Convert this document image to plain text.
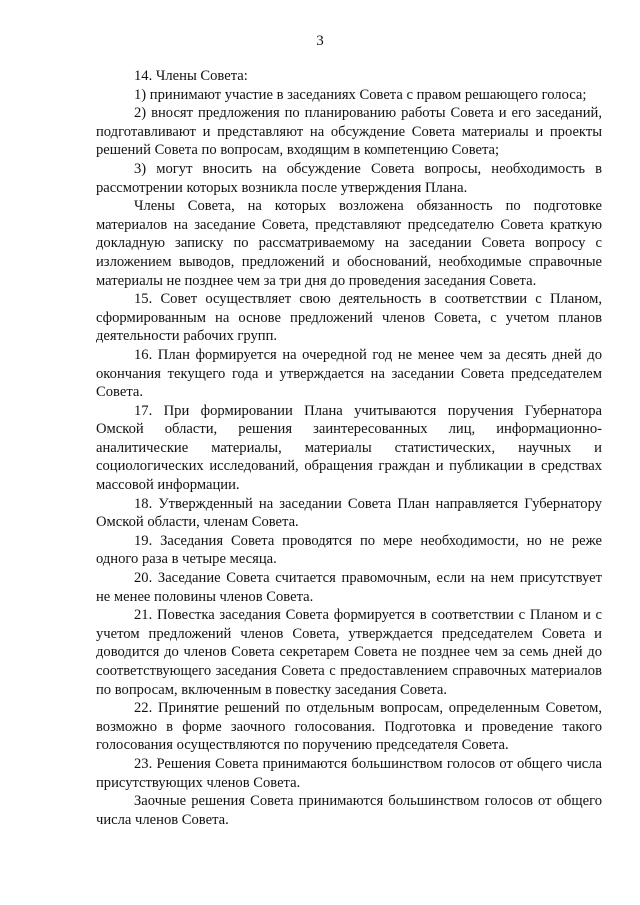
3

14. Члены Совета:

1) принимают участие в заседаниях Совета с правом решающего голоса;

2) вносят предложения по планированию работы Совета и его заседаний, подготавливают и представляют на обсуждение Совета материалы и проекты решений Совета по вопросам, входящим в компетенцию Совета;

3) могут вносить на обсуждение Совета вопросы, необходимость в рассмотрении которых возникла после утверждения Плана.

Члены Совета, на которых возложена обязанность по подготовке материалов на заседание Совета, представляют председателю Совета краткую докладную записку по рассматриваемому на заседании Совета вопросу с изложением выводов, предложений и обоснований, необходимые справочные материалы не позднее чем за три дня до проведения заседания Совета.

15. Совет осуществляет свою деятельность в соответствии с Планом, сформированным на основе предложений членов Совета, с учетом планов деятельности рабочих групп.

16. План формируется на очередной год не менее чем за десять дней до окончания текущего года и утверждается на заседании Совета председателем Совета.

17. При формировании Плана учитываются поручения Губернатора Омской области, решения заинтересованных лиц, информационно-аналитические материалы, материалы статистических, научных и социологических исследований, обращения граждан и публикации в средствах массовой информации.

18. Утвержденный на заседании Совета План направляется Губернатору Омской области, членам Совета.

19. Заседания Совета проводятся по мере необходимости, но не реже одного раза в четыре месяца.

20. Заседание Совета считается правомочным, если на нем присутствует не менее половины членов Совета.

21. Повестка заседания Совета формируется в соответствии с Планом и с учетом предложений членов Совета, утверждается председателем Совета и доводится до членов Совета секретарем Совета не позднее чем за семь дней до соответствующего заседания Совета с предоставлением справочных материалов по вопросам, включенным в повестку заседания Совета.

22. Принятие решений по отдельным вопросам, определенным Советом, возможно в форме заочного голосования. Подготовка и проведение такого голосования осуществляются по поручению председателя Совета.

23. Решения Совета принимаются большинством голосов от общего числа присутствующих членов Совета.

Заочные решения Совета принимаются большинством голосов от общего числа членов Совета.
